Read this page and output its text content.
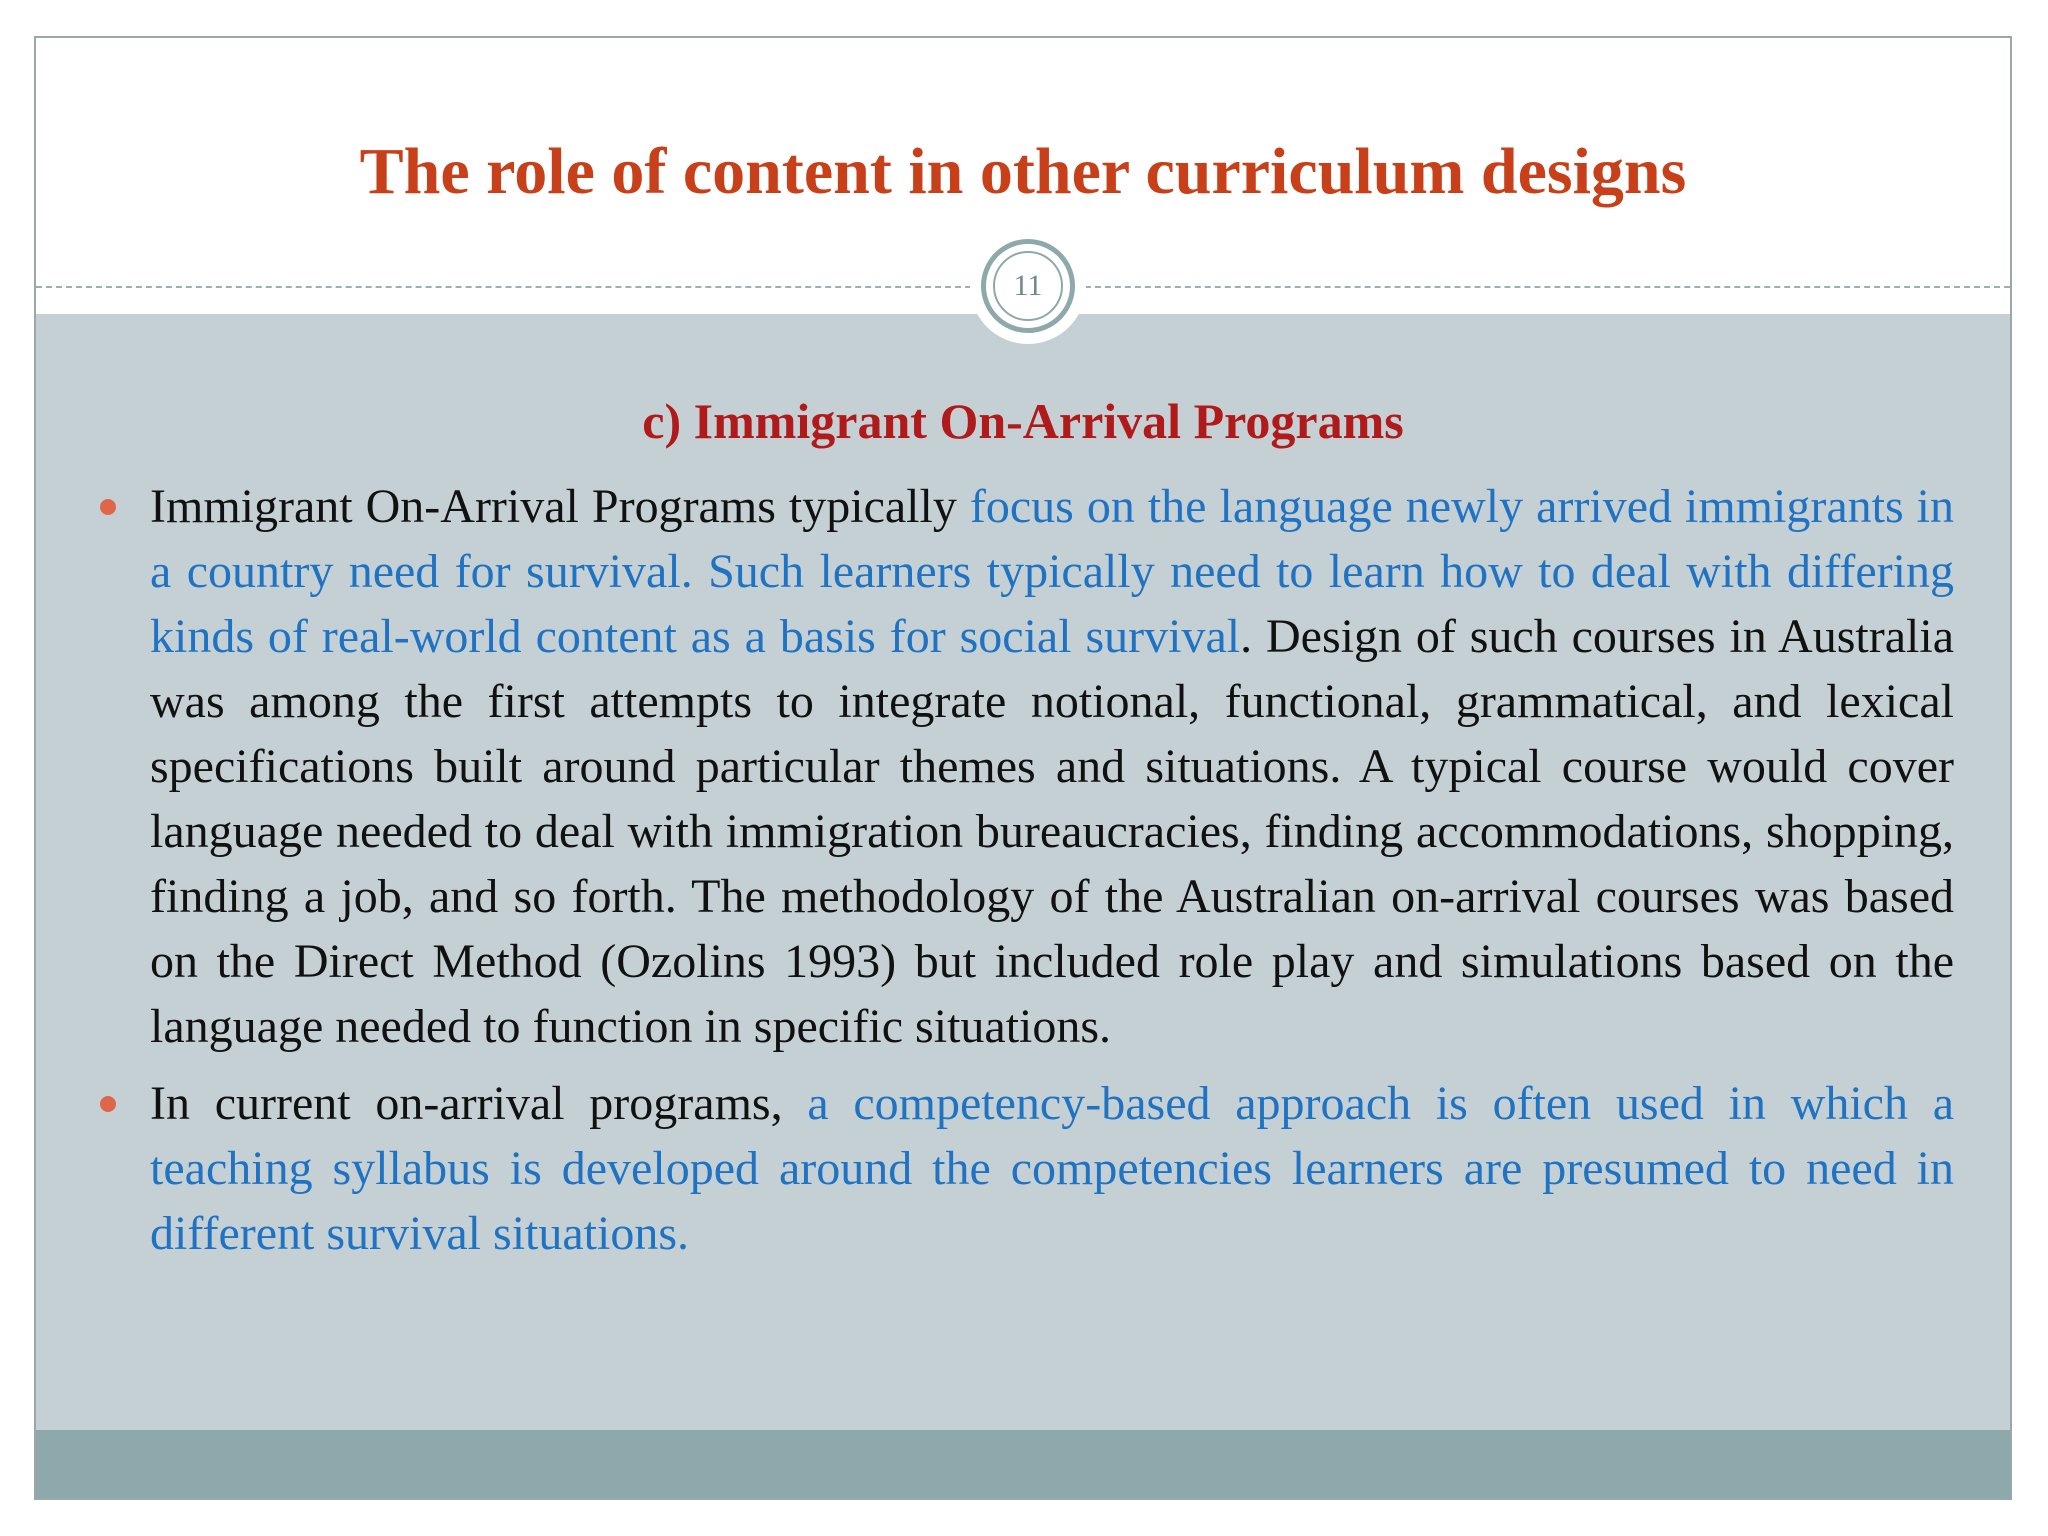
The role of content in other curriculum designs
11
c) Immigrant On-Arrival Programs
Immigrant On-Arrival Programs typically focus on the language newly arrived immigrants in a country need for survival. Such learners typically need to learn how to deal with differing kinds of real-world content as a basis for social survival. Design of such courses in Australia was among the first attempts to integrate notional, functional, grammatical, and lexical specifications built around particular themes and situations. A typical course would cover language needed to deal with immigration bureaucracies, finding accommodations, shopping, finding a job, and so forth. The methodology of the Australian on-arrival courses was based on the Direct Method (Ozolins 1993) but included role play and simulations based on the language needed to function in specific situations.
In current on-arrival programs, a competency-based approach is often used in which a teaching syllabus is developed around the competencies learners are presumed to need in different survival situations.
